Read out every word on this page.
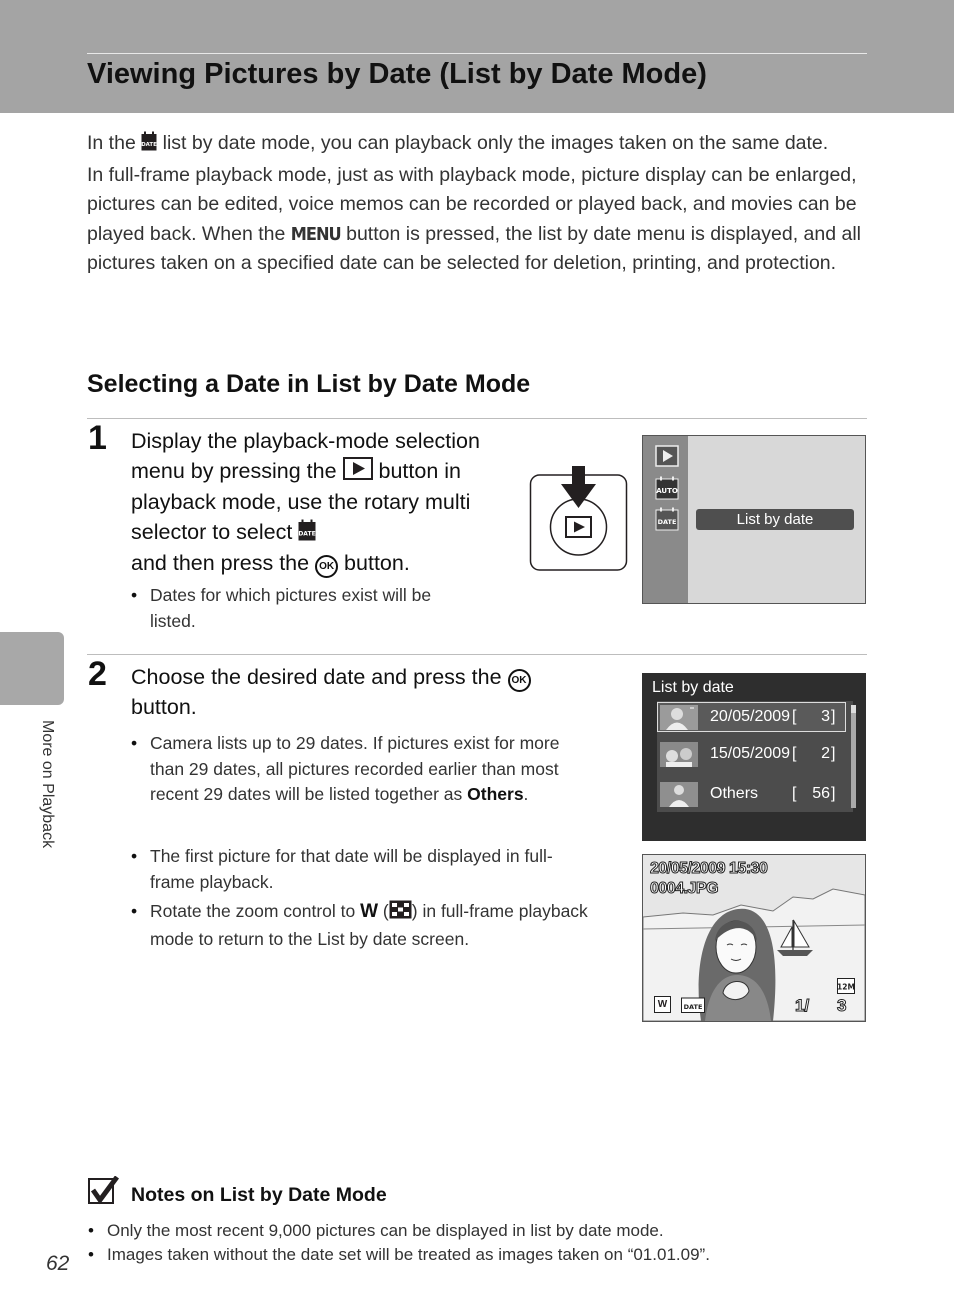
Viewing Pictures by Date (List by Date Mode)

In the DATE list by date mode, you can playback only the images taken on the same date.

In full-frame playback mode, just as with playback mode, picture display can be enlarged, pictures can be edited, voice memos can be recorded or played back, and movies can be played back. When the MENU button is pressed, the list by date menu is displayed, and all pictures taken on a specified date can be selected for deletion, printing, and protection.

Selecting a Date in List by Date Mode
1 Display the playback-mode selection menu by pressing the  button in playback mode, use the rotary multi selector to select DATE

and then press the OK button.
• Dates for which pictures exist will be listed.
AUTO
DATE	List by date
2 Choose the desired date and press the OK
button.
• Camera lists up to 29 dates. If pictures exist for more than 29 dates, all pictures recorded earlier than most recent 29 dates will be listed together as Others.
• The first picture for that date will be displayed in full-frame playback.
• Rotate the zoom control to W ( ) in full-frame playback mode to return to the List by date screen.
List by date
20/05/2009 [	3 ]
15/05/2009 [	2 ]
Others [ 56 ]
20/05/2009 15:30
0004.JPG
W	DATE
12M
1/ 3
More on Playback
Notes on List by Date Mode
• Only the most recent 9,000 pictures can be displayed in list by date mode.
• Images taken without the date set will be treated as images taken on “01.01.09”.
62
